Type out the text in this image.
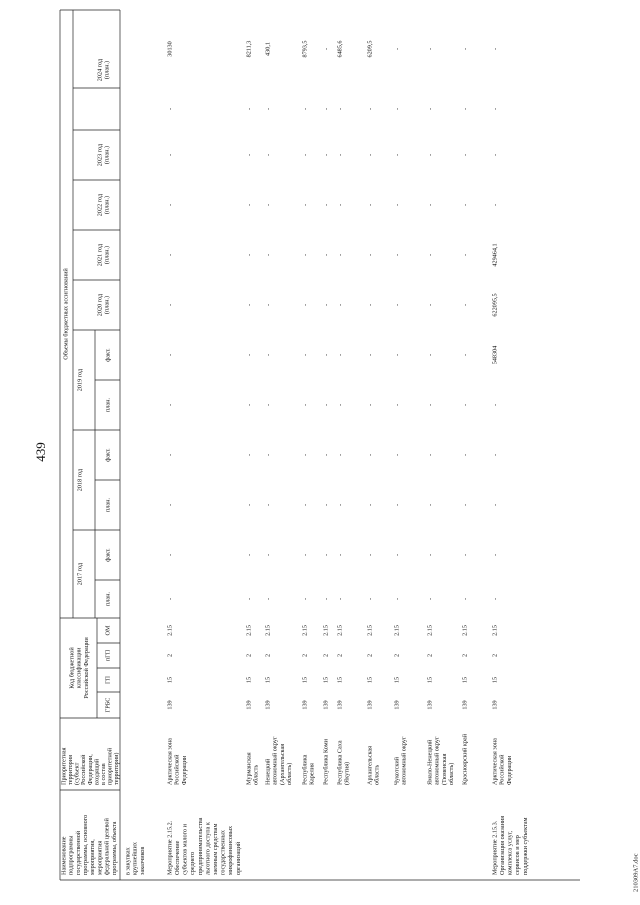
439
Наименование подпрограммы государственной программы, основного мероприятия, мероприятия федеральной целевой программы, объекта
Приоритетная территория (субъект Российской Федерации, входящий в состав приоритетной территории)
Код бюджетной классификации Российской Федерации
ГРБС
ГП
пГП
ОМ
Объемы бюджетных ассигнований
2017 год
2018 год
2019 год
план.
факт.
план.
факт.
план.
факт.
2020 год (план.)
2021 год (план.)
2022 год (план.)
2023 год (план.)
2024 год (план.)
в закупках крупнейших заказчиков	Мероприятие 2.15.2. Обеспечение субъектов малого и среднего предпринимательства льготного доступа к заемным средствам государственных микрофинансовых организаций
Арктическая зона Российской Федерации
139
15
2
2.15
-
-
-
-
-
-
-
-
-
-
-
30130
Мурманская область
139
15
2
2.15
-
-
-
-
-
-
-
-
-
-
-
8211,3
Ненецкий автономный округ (Архангельская область)
139
15
2
2.15
-
-
-
-
-
-
-
-
-
-
-
430,1
Республика Карелия
139
15
2
2.15
-
-
-
-
-
-
-
-
-
-
-
8793,5
Республика Коми
139
15
2
2.15
-
-
-
-
-
-
-
-
-
-
-
-
Республика Саха (Якутия)
139
15
2
2.15
-
-
-
-
-
-
-
-
-
-
-
6485,6
Архангельская область
139
15
2
2.15
-
-
-
-
-
-
-
-
-
-
-
6209,5
Чукотский автономный округ
139
15
2
2.15
-
-
-
-
-
-
-
-
-
-
-
-
Ямало-Ненецкий автономный округ (Тюменская область)
139
15
2
2.15
-
-
-
-
-
-
-
-
-
-
-
-
Красноярский край
139
15
2
2.15
-
-
-
-
-
-
-
-
-
-
-
-
Мероприятие 2.15.3. Организация оказания комплекса услуг, сервисов и мер поддержки субъектам
Арктическая зона Российской Федерации
139
15
2
2.15
-
-
-
-
-
548304
622095,5
429464,1
-
-
-
-
210309A7.doc
